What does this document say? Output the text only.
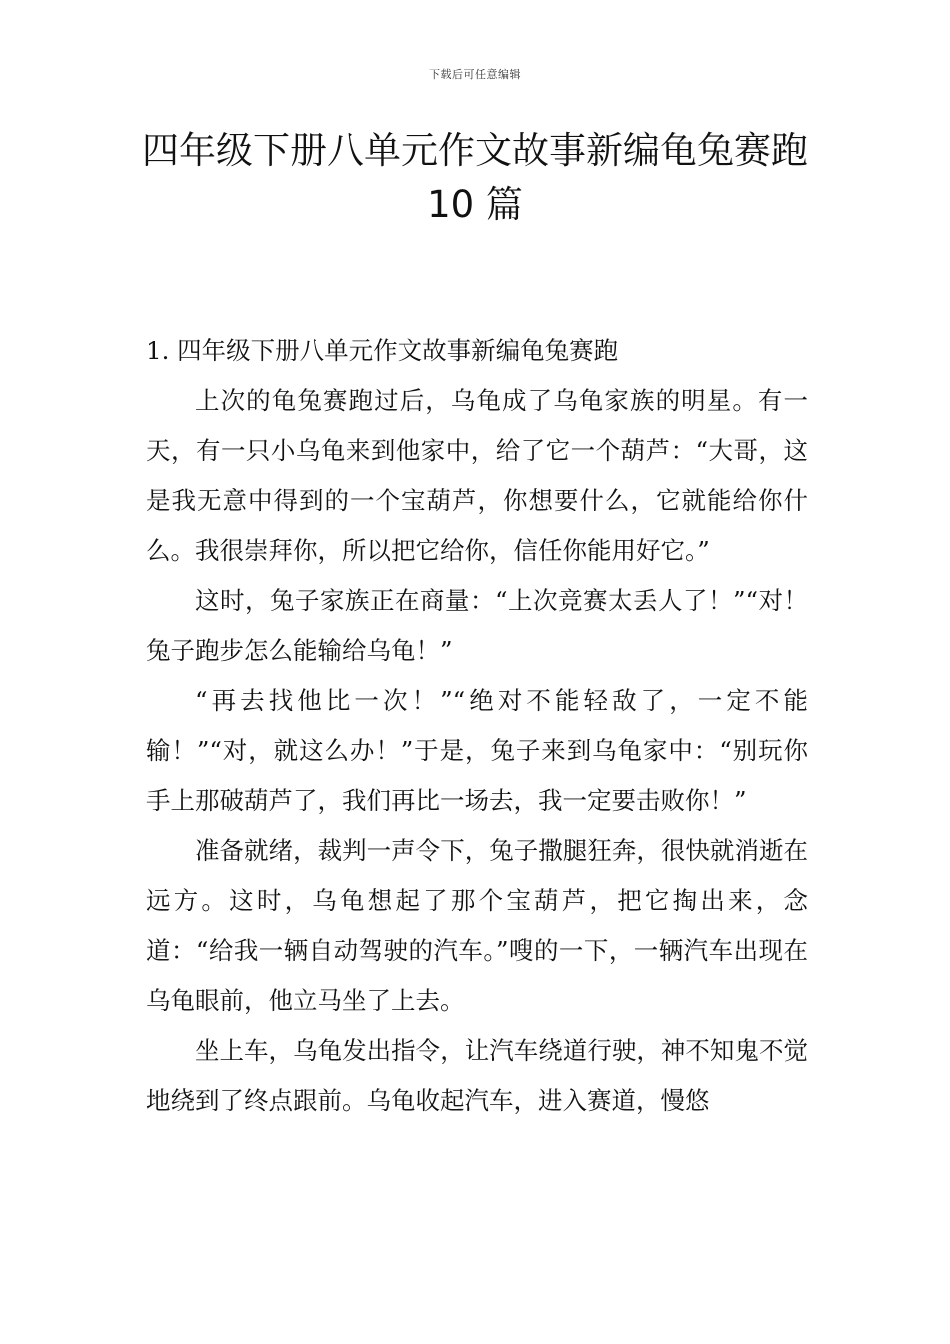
下载后可任意编辑
四年级下册八单元作文故事新编龟兔赛跑
10 篇

1. 四年级下册八单元作文故事新编龟兔赛跑

上次的龟兔赛跑过后，乌龟成了乌龟家族的明星。有一天，有一只小乌龟来到他家中，给了它一个葫芦：“大哥，这是我无意中得到的一个宝葫芦，你想要什么，它就能给你什么。我很崇拜你，所以把它给你，信任你能用好它。”

这时，兔子家族正在商量：“上次竞赛太丢人了！”“对！兔子跑步怎么能输给乌龟！”

“再去找他比一次！”“绝对不能轻敌了，一定不能输！”“对，就这么办！”于是，兔子来到乌龟家中：“别玩你手上那破葫芦了，我们再比一场去，我一定要击败你！”

准备就绪，裁判一声令下，兔子撒腿狂奔，很快就消逝在远方。这时，乌龟想起了那个宝葫芦，把它掏出来，念道：“给我一辆自动驾驶的汽车。”嗖的一下，一辆汽车出现在乌龟眼前，他立马坐了上去。

坐上车，乌龟发出指令，让汽车绕道行驶，神不知鬼不觉地绕到了终点跟前。乌龟收起汽车，进入赛道，慢悠
